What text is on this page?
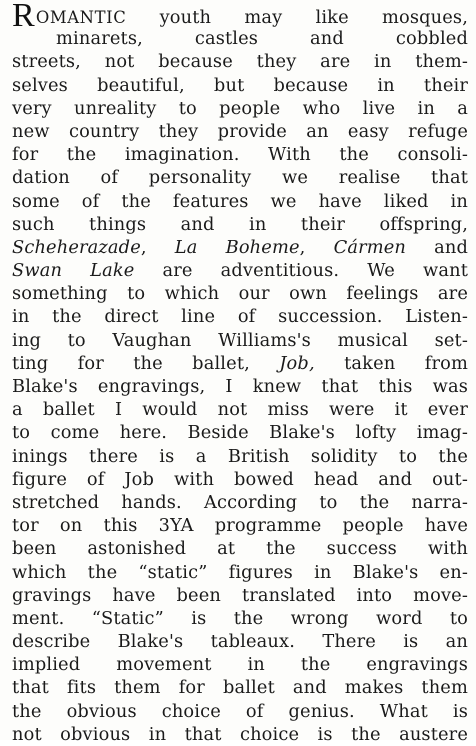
ROMANTIC youth may like mosques,
minarets, castles and cobbled
streets, not because they are in them-
selves beautiful, but because in their
very unreality to people who live in a
new country they provide an easy refuge
for the imagination. With the consoli-
dation of personality we realise that
some of the features we have liked in
such things and in their offspring,
Scheherazade, La Boheme, Cármen and
Swan Lake are adventitious. We want
something to which our own feelings are
in the direct line of succession. Listen-
ing to Vaughan Williams's musical set-
ting for the ballet, Job, taken from
Blake's engravings, I knew that this was
a ballet I would not miss were it ever
to come here. Beside Blake's lofty imag-
inings there is a British solidity to the
figure of Job with bowed head and out-
stretched hands. According to the narra-
tor on this 3YA programme people have
been astonished at the success with
which the “static” figures in Blake's en-
gravings have been translated into move-
ment. “Static” is the wrong word to
describe Blake's tableaux. There is an
implied movement in the engravings
that fits them for ballet and makes them
the obvious choice of genius. What is
not obvious in that choice is the austere
